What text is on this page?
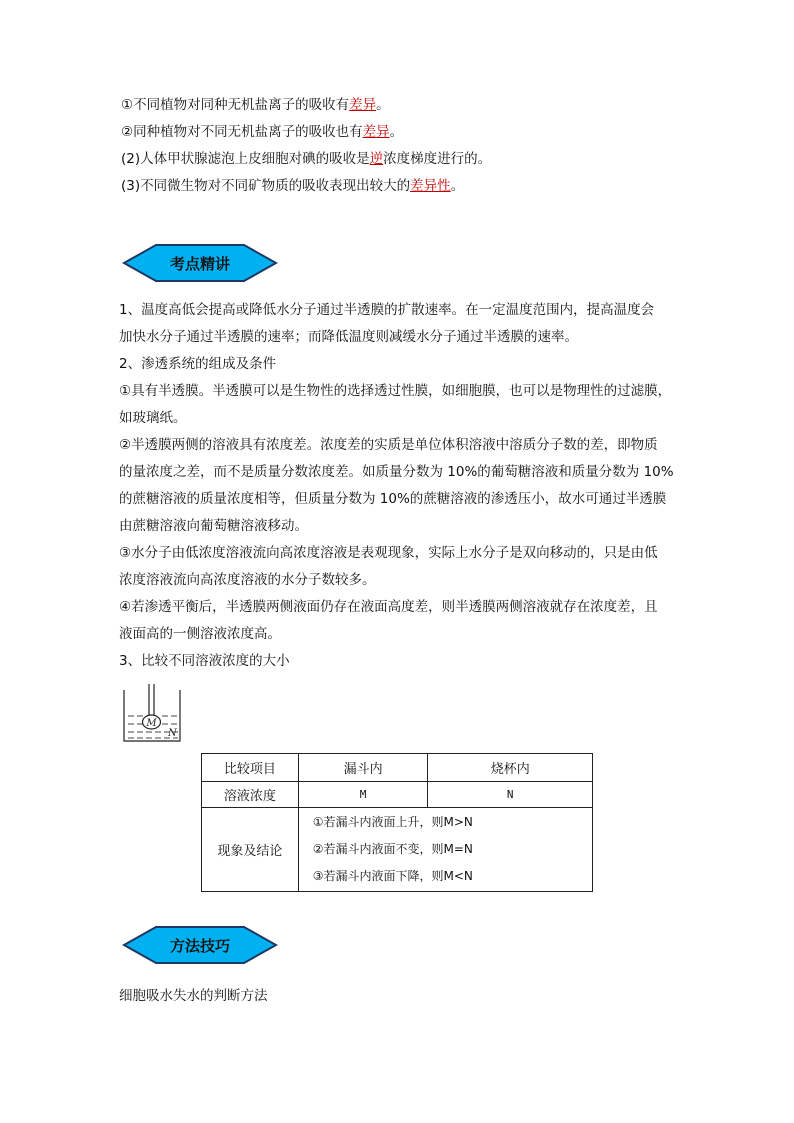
①不同植物对同种无机盐离子的吸收有差异。
②同种植物对不同无机盐离子的吸收也有差异。
(2)人体甲状腺滤泡上皮细胞对碘的吸收是逆浓度梯度进行的。
(3)不同微生物对不同矿物质的吸收表现出较大的差异性。
考点精讲
1、温度高低会提高或降低水分子通过半透膜的扩散速率。在一定温度范围内，提高温度会
加快水分子通过半透膜的速率；而降低温度则减缓水分子通过半透膜的速率。
2、渗透系统的组成及条件
①具有半透膜。半透膜可以是生物性的选择透过性膜，如细胞膜，也可以是物理性的过滤膜，
如玻璃纸。
②半透膜两侧的溶液具有浓度差。浓度差的实质是单位体积溶液中溶质分子数的差，即物质
的量浓度之差，而不是质量分数浓度差。如质量分数为 10%的葡萄糖溶液和质量分数为 10%
的蔗糖溶液的质量浓度相等，但质量分数为 10%的蔗糖溶液的渗透压小，故水可通过半透膜
由蔗糖溶液向葡萄糖溶液移动。
③水分子由低浓度溶液流向高浓度溶液是表观现象，实际上水分子是双向移动的，只是由低
浓度溶液流向高浓度溶液的水分子数较多。
④若渗透平衡后，半透膜两侧液面仍存在液面高度差，则半透膜两侧溶液就存在浓度差，且
液面高的一侧溶液浓度高。
3、比较不同溶液浓度的大小
M
N
比较项目	漏斗内	烧杯内
溶液浓度	M	N
现象及结论	①若漏斗内液面上升，则M>N
②若漏斗内液面不变，则M=N
③若漏斗内液面下降，则M<N	
方法技巧
细胞吸水失水的判断方法
